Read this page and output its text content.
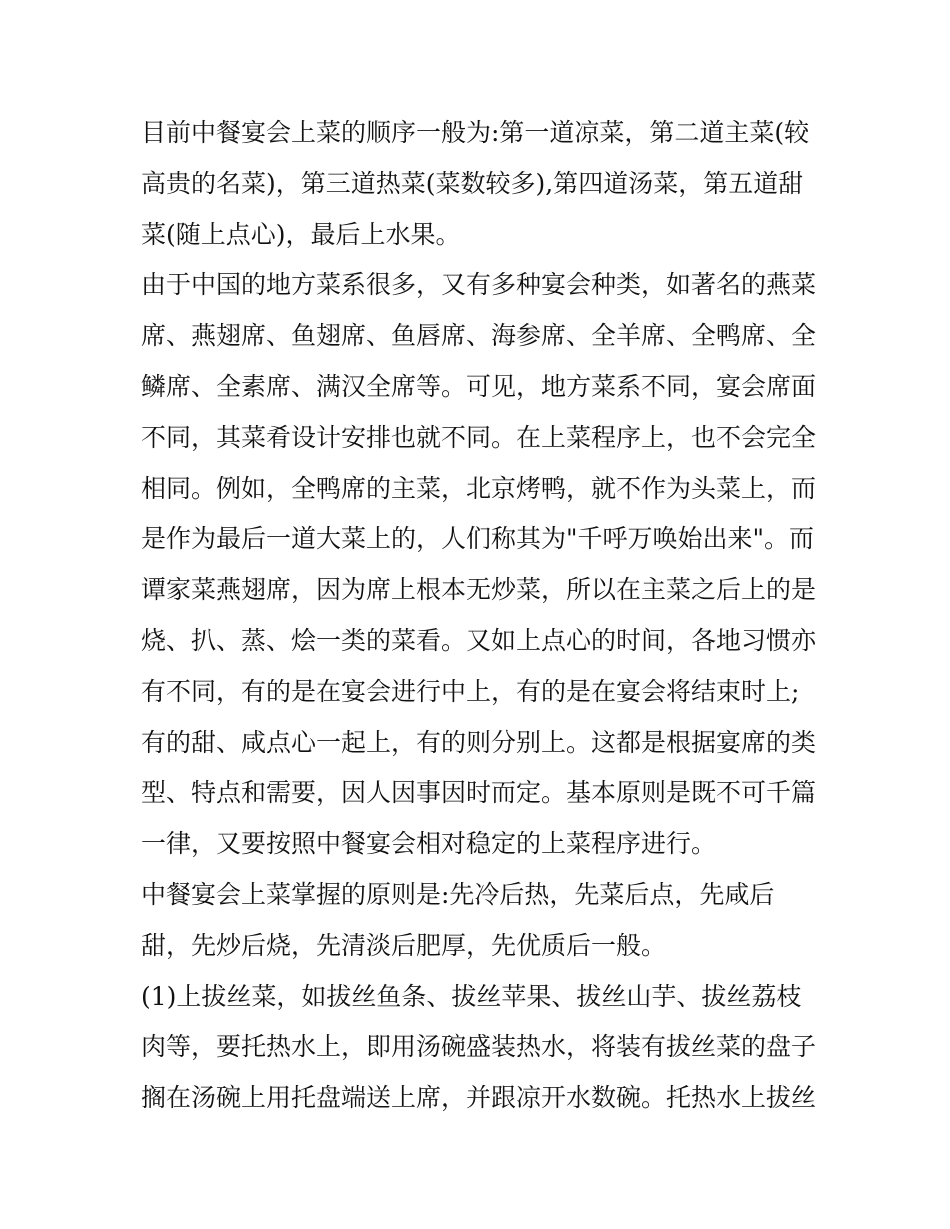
目前中餐宴会上菜的顺序一般为:第一道凉菜，第二道主菜(较
高贵的名菜)，第三道热菜(菜数较多),第四道汤菜，第五道甜
菜(随上点心)，最后上水果。
由于中国的地方菜系很多，又有多种宴会种类，如著名的燕菜
席、燕翅席、鱼翅席、鱼唇席、海参席、全羊席、全鸭席、全
鳞席、全素席、满汉全席等。可见，地方菜系不同，宴会席面
不同，其菜肴设计安排也就不同。在上菜程序上，也不会完全
相同。例如，全鸭席的主菜，北京烤鸭，就不作为头菜上，而
是作为最后一道大菜上的，人们称其为"千呼万唤始出来"。而
谭家菜燕翅席，因为席上根本无炒菜，所以在主菜之后上的是
烧、扒、蒸、烩一类的菜看。又如上点心的时间，各地习惯亦
有不同，有的是在宴会进行中上，有的是在宴会将结束时上;
有的甜、咸点心一起上，有的则分别上。这都是根据宴席的类
型、特点和需要，因人因事因时而定。基本原则是既不可千篇
一律，又要按照中餐宴会相对稳定的上菜程序进行。
中餐宴会上菜掌握的原则是:先冷后热，先菜后点，先咸后
甜，先炒后烧，先清淡后肥厚，先优质后一般。
(1)上拔丝菜，如拔丝鱼条、拔丝苹果、拔丝山芋、拔丝荔枝
肉等，要托热水上，即用汤碗盛装热水，将装有拔丝菜的盘子
搁在汤碗上用托盘端送上席，并跟凉开水数碗。托热水上拔丝
